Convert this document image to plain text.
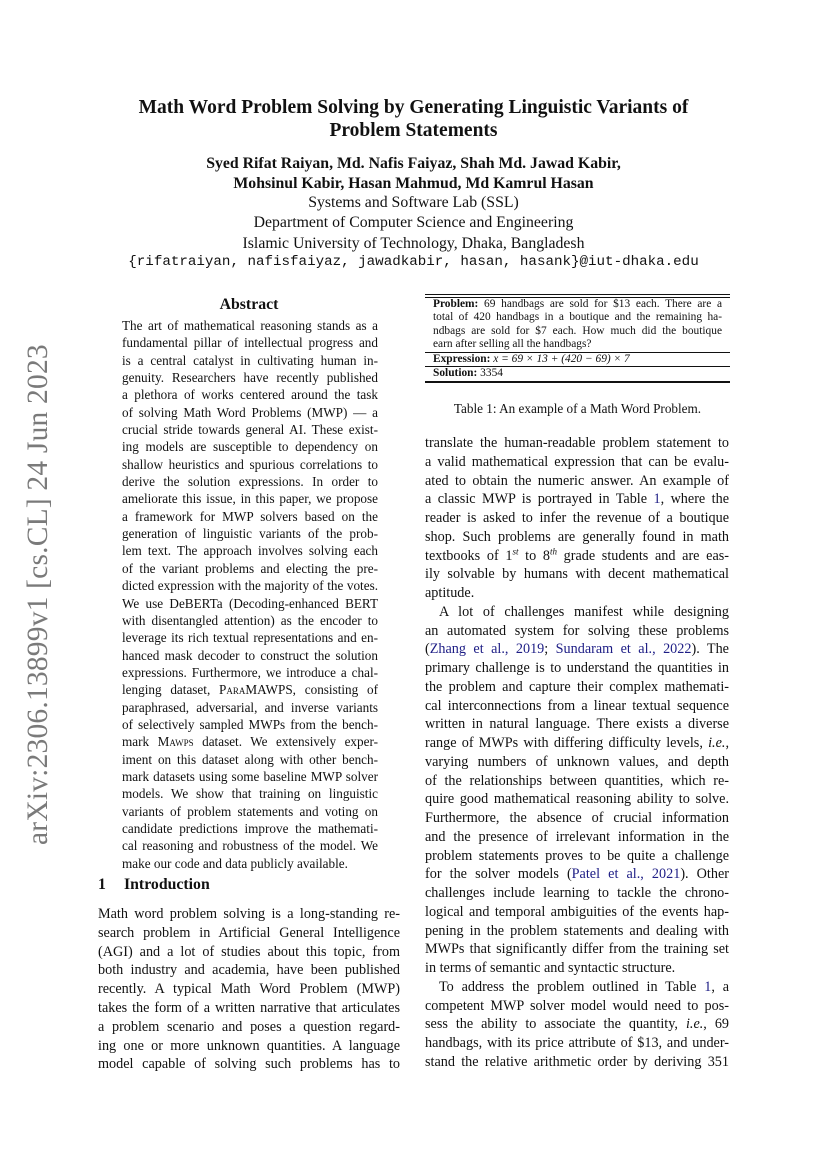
arXiv:2306.13899v1 [cs.CL] 24 Jun 2023
Math Word Problem Solving by Generating Linguistic Variants of
Problem Statements
Syed Rifat Raiyan, Md. Nafis Faiyaz, Shah Md. Jawad Kabir,
Mohsinul Kabir, Hasan Mahmud, Md Kamrul Hasan
Systems and Software Lab (SSL)
Department of Computer Science and Engineering
Islamic University of Technology, Dhaka, Bangladesh
{rifatraiyan, nafisfaiyaz, jawadkabir, hasan, hasank}@iut-dhaka.edu
Abstract
The art of mathematical reasoning stands as a
fundamental pillar of intellectual progress and
is a central catalyst in cultivating human in-
genuity. Researchers have recently published
a plethora of works centered around the task
of solving Math Word Problems (MWP) — a
crucial stride towards general AI. These exist-
ing models are susceptible to dependency on
shallow heuristics and spurious correlations to
derive the solution expressions. In order to
ameliorate this issue, in this paper, we propose
a framework for MWP solvers based on the
generation of linguistic variants of the prob-
lem text. The approach involves solving each
of the variant problems and electing the pre-
dicted expression with the majority of the votes.
We use DeBERTa (Decoding-enhanced BERT
with disentangled attention) as the encoder to
leverage its rich textual representations and en-
hanced mask decoder to construct the solution
expressions. Furthermore, we introduce a chal-
lenging dataset, ParaMAWPS, consisting of
paraphrased, adversarial, and inverse variants
of selectively sampled MWPs from the bench-
mark Mawps dataset. We extensively exper-
iment on this dataset along with other bench-
mark datasets using some baseline MWP solver
models. We show that training on linguistic
variants of problem statements and voting on
candidate predictions improve the mathemati-
cal reasoning and robustness of the model. We
make our code and data publicly available.
1 Introduction
Math word problem solving is a long-standing re-
search problem in Artificial General Intelligence
(AGI) and a lot of studies about this topic, from
both industry and academia, have been published
recently. A typical Math Word Problem (MWP)
takes the form of a written narrative that articulates
a problem scenario and poses a question regard-
ing one or more unknown quantities. A language
model capable of solving such problems has to
Problem: 69 handbags are sold for $13 each. There are a
total of 420 handbags in a boutique and the remaining ha-
ndbags are sold for $7 each. How much did the boutique
earn after selling all the handbags?
Expression: x = 69 × 13 + (420 − 69) × 7
Solution: 3354
Table 1: An example of a Math Word Problem.

translate the human-readable problem statement to
a valid mathematical expression that can be evalu-
ated to obtain the numeric answer. An example of
a classic MWP is portrayed in Table 1, where the
reader is asked to infer the revenue of a boutique
shop. Such problems are generally found in math
textbooks of 1st to 8th grade students and are eas-
ily solvable by humans with decent mathematical
aptitude.

A lot of challenges manifest while designing
an automated system for solving these problems
(Zhang et al., 2019; Sundaram et al., 2022). The
primary challenge is to understand the quantities in
the problem and capture their complex mathemati-
cal interconnections from a linear textual sequence
written in natural language. There exists a diverse
range of MWPs with differing difficulty levels, i.e.,
varying numbers of unknown values, and depth
of the relationships between quantities, which re-
quire good mathematical reasoning ability to solve.
Furthermore, the absence of crucial information
and the presence of irrelevant information in the
problem statements proves to be quite a challenge
for the solver models (Patel et al., 2021). Other
challenges include learning to tackle the chrono-
logical and temporal ambiguities of the events hap-
pening in the problem statements and dealing with
MWPs that significantly differ from the training set
in terms of semantic and syntactic structure.

To address the problem outlined in Table 1, a
competent MWP solver model would need to pos-
sess the ability to associate the quantity, i.e., 69
handbags, with its price attribute of $13, and under-
stand the relative arithmetic order by deriving 351
